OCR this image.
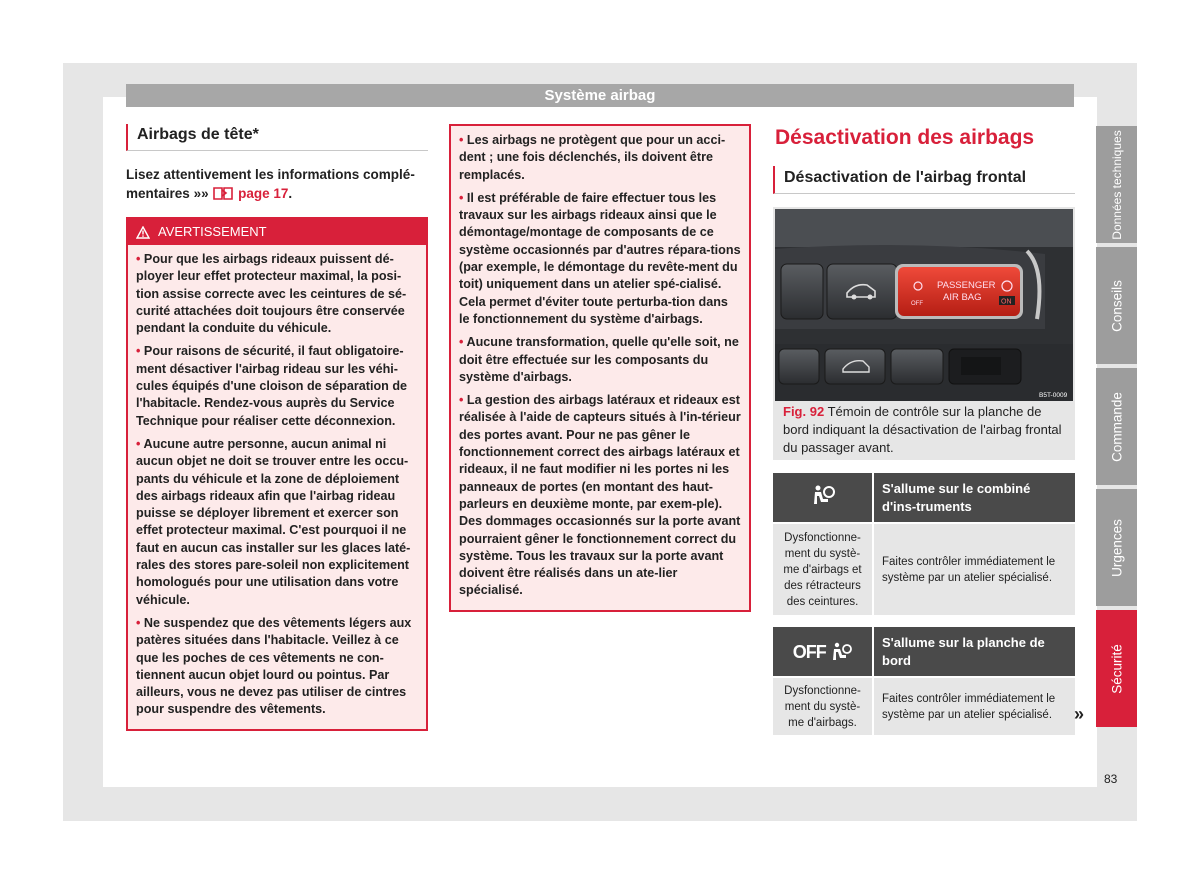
Système airbag
Airbags de tête*
Lisez attentivement les informations complé-mentaires »» page 17.
AVERTISSEMENT

• Pour que les airbags rideaux puissent dé-ployer leur effet protecteur maximal, la posi-tion assise correcte avec les ceintures de sé-curité attachées doit toujours être conservée pendant la conduite du véhicule.

• Pour raisons de sécurité, il faut obligatoire-ment désactiver l'airbag rideau sur les véhi-cules équipés d'une cloison de séparation de l'habitacle. Rendez-vous auprès du Service Technique pour réaliser cette déconnexion.

• Aucune autre personne, aucun animal ni aucun objet ne doit se trouver entre les occu-pants du véhicule et la zone de déploiement des airbags rideaux afin que l'airbag rideau puisse se déployer librement et exercer son effet protecteur maximal. C'est pourquoi il ne faut en aucun cas installer sur les glaces laté-rales des stores pare-soleil non explicitement homologués pour une utilisation dans votre véhicule.

• Ne suspendez que des vêtements légers aux patères situées dans l'habitacle. Veillez à ce que les poches de ces vêtements ne con-tiennent aucun objet lourd ou pointus. Par ailleurs, vous ne devez pas utiliser de cintres pour suspendre des vêtements.

• Les airbags ne protègent que pour un acci-dent ; une fois déclenchés, ils doivent être remplacés.

• Il est préférable de faire effectuer tous les travaux sur les airbags rideaux ainsi que le démontage/montage de composants de ce système occasionnés par d'autres répara-tions (par exemple, le démontage du revête-ment du toit) uniquement dans un atelier spé-cialisé. Cela permet d'éviter toute perturba-tion dans le fonctionnement du système d'airbags.

• Aucune transformation, quelle qu'elle soit, ne doit être effectuée sur les composants du système d'airbags.

• La gestion des airbags latéraux et rideaux est réalisée à l'aide de capteurs situés à l'in-térieur des portes avant. Pour ne pas gêner le fonctionnement correct des airbags latéraux et rideaux, il ne faut modifier ni les portes ni les panneaux de portes (en montant des haut-parleurs en deuxième monte, par exem-ple). Des dommages occasionnés sur la porte avant pourraient gêner le fonctionnement correct du système. Tous les travaux sur la porte avant doivent être réalisés dans un ate-lier spécialisé.

Désactivation des airbags
Désactivation de l'airbag frontal
PASSENGER
AIR BAG
OFF	ON
B5T-0009
Fig. 92 Témoin de contrôle sur la planche de bord indiquant la désactivation de l'airbag frontal du passager avant.
	S'allume sur le combiné d'ins-truments
Dysfonctionne-ment du systè-me d'airbags et des rétracteurs des ceintures.	Faites contrôler immédiatement le système par un atelier spécialisé.
OFF	S'allume sur la planche de bord
Dysfonctionne-ment du systè-me d'airbags.	Faites contrôler immédiatement le système par un atelier spécialisé. »
Données techniques
Conseils
Commande
Urgences
Sécurité
83
